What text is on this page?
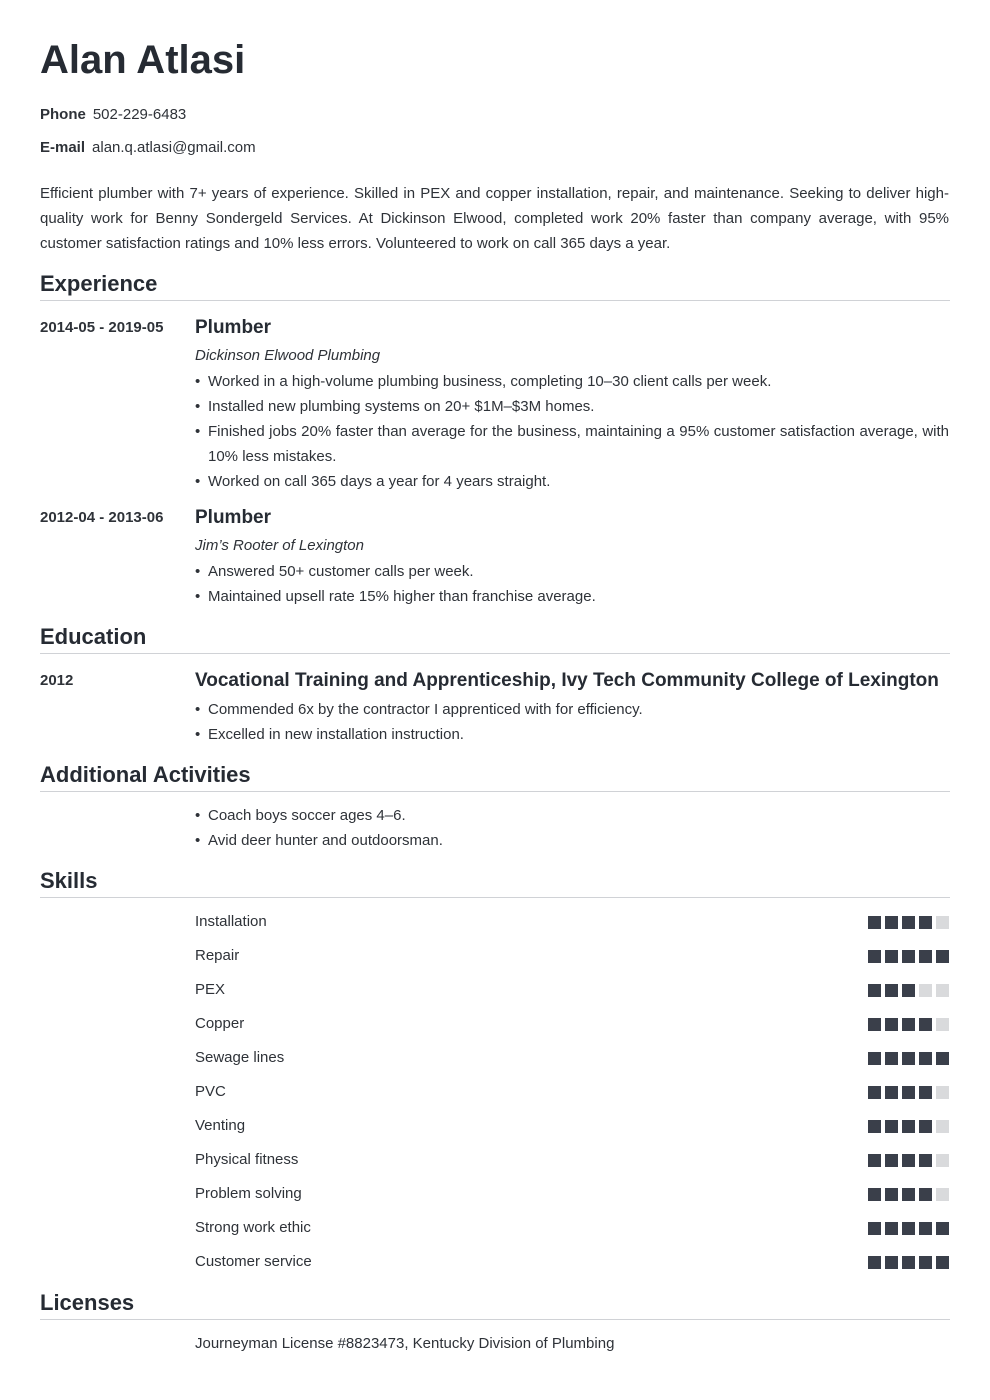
Alan Atlasi
Phone 502-229-6483
E-mail alan.q.atlasi@gmail.com

Efficient plumber with 7+ years of experience. Skilled in PEX and copper installation, repair, and maintenance. Seeking to deliver high-quality work for Benny Sondergeld Services. At Dickinson Elwood, completed work 20% faster than company average, with 95% customer satisfaction ratings and 10% less errors. Volunteered to work on call 365 days a year.

Experience
2014-05 - 2019-05 Plumber
Dickinson Elwood Plumbing
• Worked in a high-volume plumbing business, completing 10–30 client calls per week.
• Installed new plumbing systems on 20+ $1M–$3M homes.
• Finished jobs 20% faster than average for the business, maintaining a 95% customer satisfaction average, with 10% less mistakes.
• Worked on call 365 days a year for 4 years straight.
2012-04 - 2013-06 Plumber
Jim’s Rooter of Lexington
• Answered 50+ customer calls per week.
• Maintained upsell rate 15% higher than franchise average.
Education
2012	Vocational Training and Apprenticeship, Ivy Tech Community College of Lexington
• Commended 6x by the contractor I apprenticed with for efficiency.
• Excelled in new installation instruction.
Additional Activities
• Coach boys soccer ages 4–6.
• Avid deer hunter and outdoorsman.
Skills
Installation
Repair
PEX
Copper
Sewage lines
PVC
Venting
Physical fitness
Problem solving
Strong work ethic
Customer service
Licenses
Journeyman License #8823473, Kentucky Division of Plumbing
